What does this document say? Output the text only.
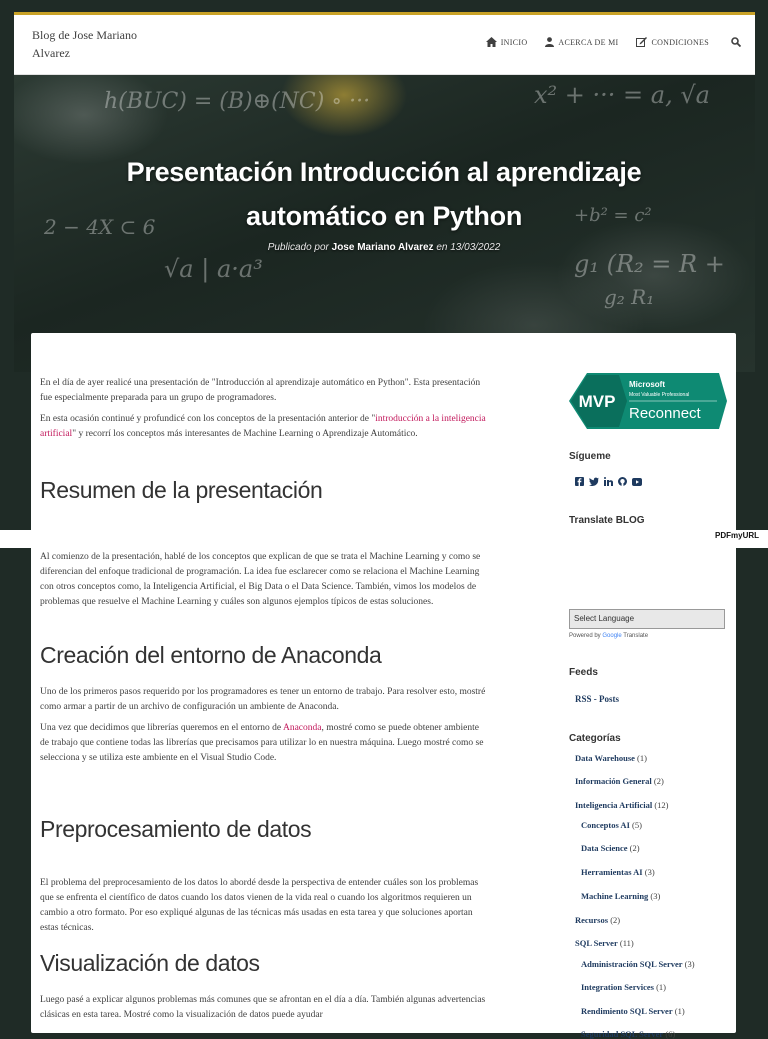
Blog de Jose Mariano Alvarez
INICIO	ACERCA DE MI	CONDICIONES
h(BUC) = (B)⊕(NC) ∘ ···	x² + ··· = a, √a
2 − 4X ⊂ 6
√a | a·a³	g₁ (R₂ = R +
g₂ R₁
+b² = c²
Presentación Introducción al aprendizaje automático en Python
Publicado por Jose Mariano Alvarez en 13/03/2022

En el día de ayer realicé una presentación de "Introducción al aprendizaje automático en Python". Esta presentación fue especialmente preparada para un grupo de programadores.

En esta ocasión continué y profundicé con los conceptos de la presentación anterior de "introducción a la inteligencia artificial" y recorrí los conceptos más interesantes de Machine Learning o Aprendizaje Automático.

Resumen de la presentación

Al comienzo de la presentación, hablé de los conceptos que explican de que se trata el Machine Learning y como se diferencian del enfoque tradicional de programación. La idea fue esclarecer como se relaciona el Machine Learning con otros conceptos como, la Inteligencia Artificial, el Big Data o el Data Science. También, vimos los modelos de problemas que resuelve el Machine Learning y cuáles son algunos ejemplos típicos de estas soluciones.

Creación del entorno de Anaconda

Uno de los primeros pasos requerido por los programadores es tener un entorno de trabajo. Para resolver esto, mostré como armar a partir de un archivo de configuración un ambiente de Anaconda.

Una vez que decidimos que librerías queremos en el entorno de Anaconda, mostré como se puede obtener ambiente de trabajo que contiene todas las librerías que precisamos para utilizar lo en nuestra máquina. Luego mostré como se selecciona y se utiliza este ambiente en el Visual Studio Code.

Preprocesamiento de datos

El problema del preprocesamiento de los datos lo abordé desde la perspectiva de entender cuáles son los problemas que se enfrenta el científico de datos cuando los datos vienen de la vida real o cuando los algoritmos requieren un cambio a otro formato. Por eso expliqué algunas de las técnicas más usadas en esta tarea y que soluciones aportan estas técnicas.

Visualización de datos

Luego pasé a explicar algunos problemas más comunes que se afrontan en el día a día. También algunas advertencias clásicas en esta tarea. Mostré como la visualización de datos puede ayudar

MVP
Microsoft
Most Valuable Professional
Reconnect
Sígueme
Translate BLOG
Select Language
Powered by Google Translate
Feeds
RSS - Posts
Categorías
Data Warehouse (1)
Información General (2)
Inteligencia Artificial (12)
Conceptos AI (5)
Data Science (2)
Herramientas AI (3)
Machine Learning (3)
Recursos (2)
SQL Server (11)
Administración SQL Server (3)
Integration Services (1)
Rendimiento SQL Server (1)
Seguridad SQL Server (6)
PDFmyURL
